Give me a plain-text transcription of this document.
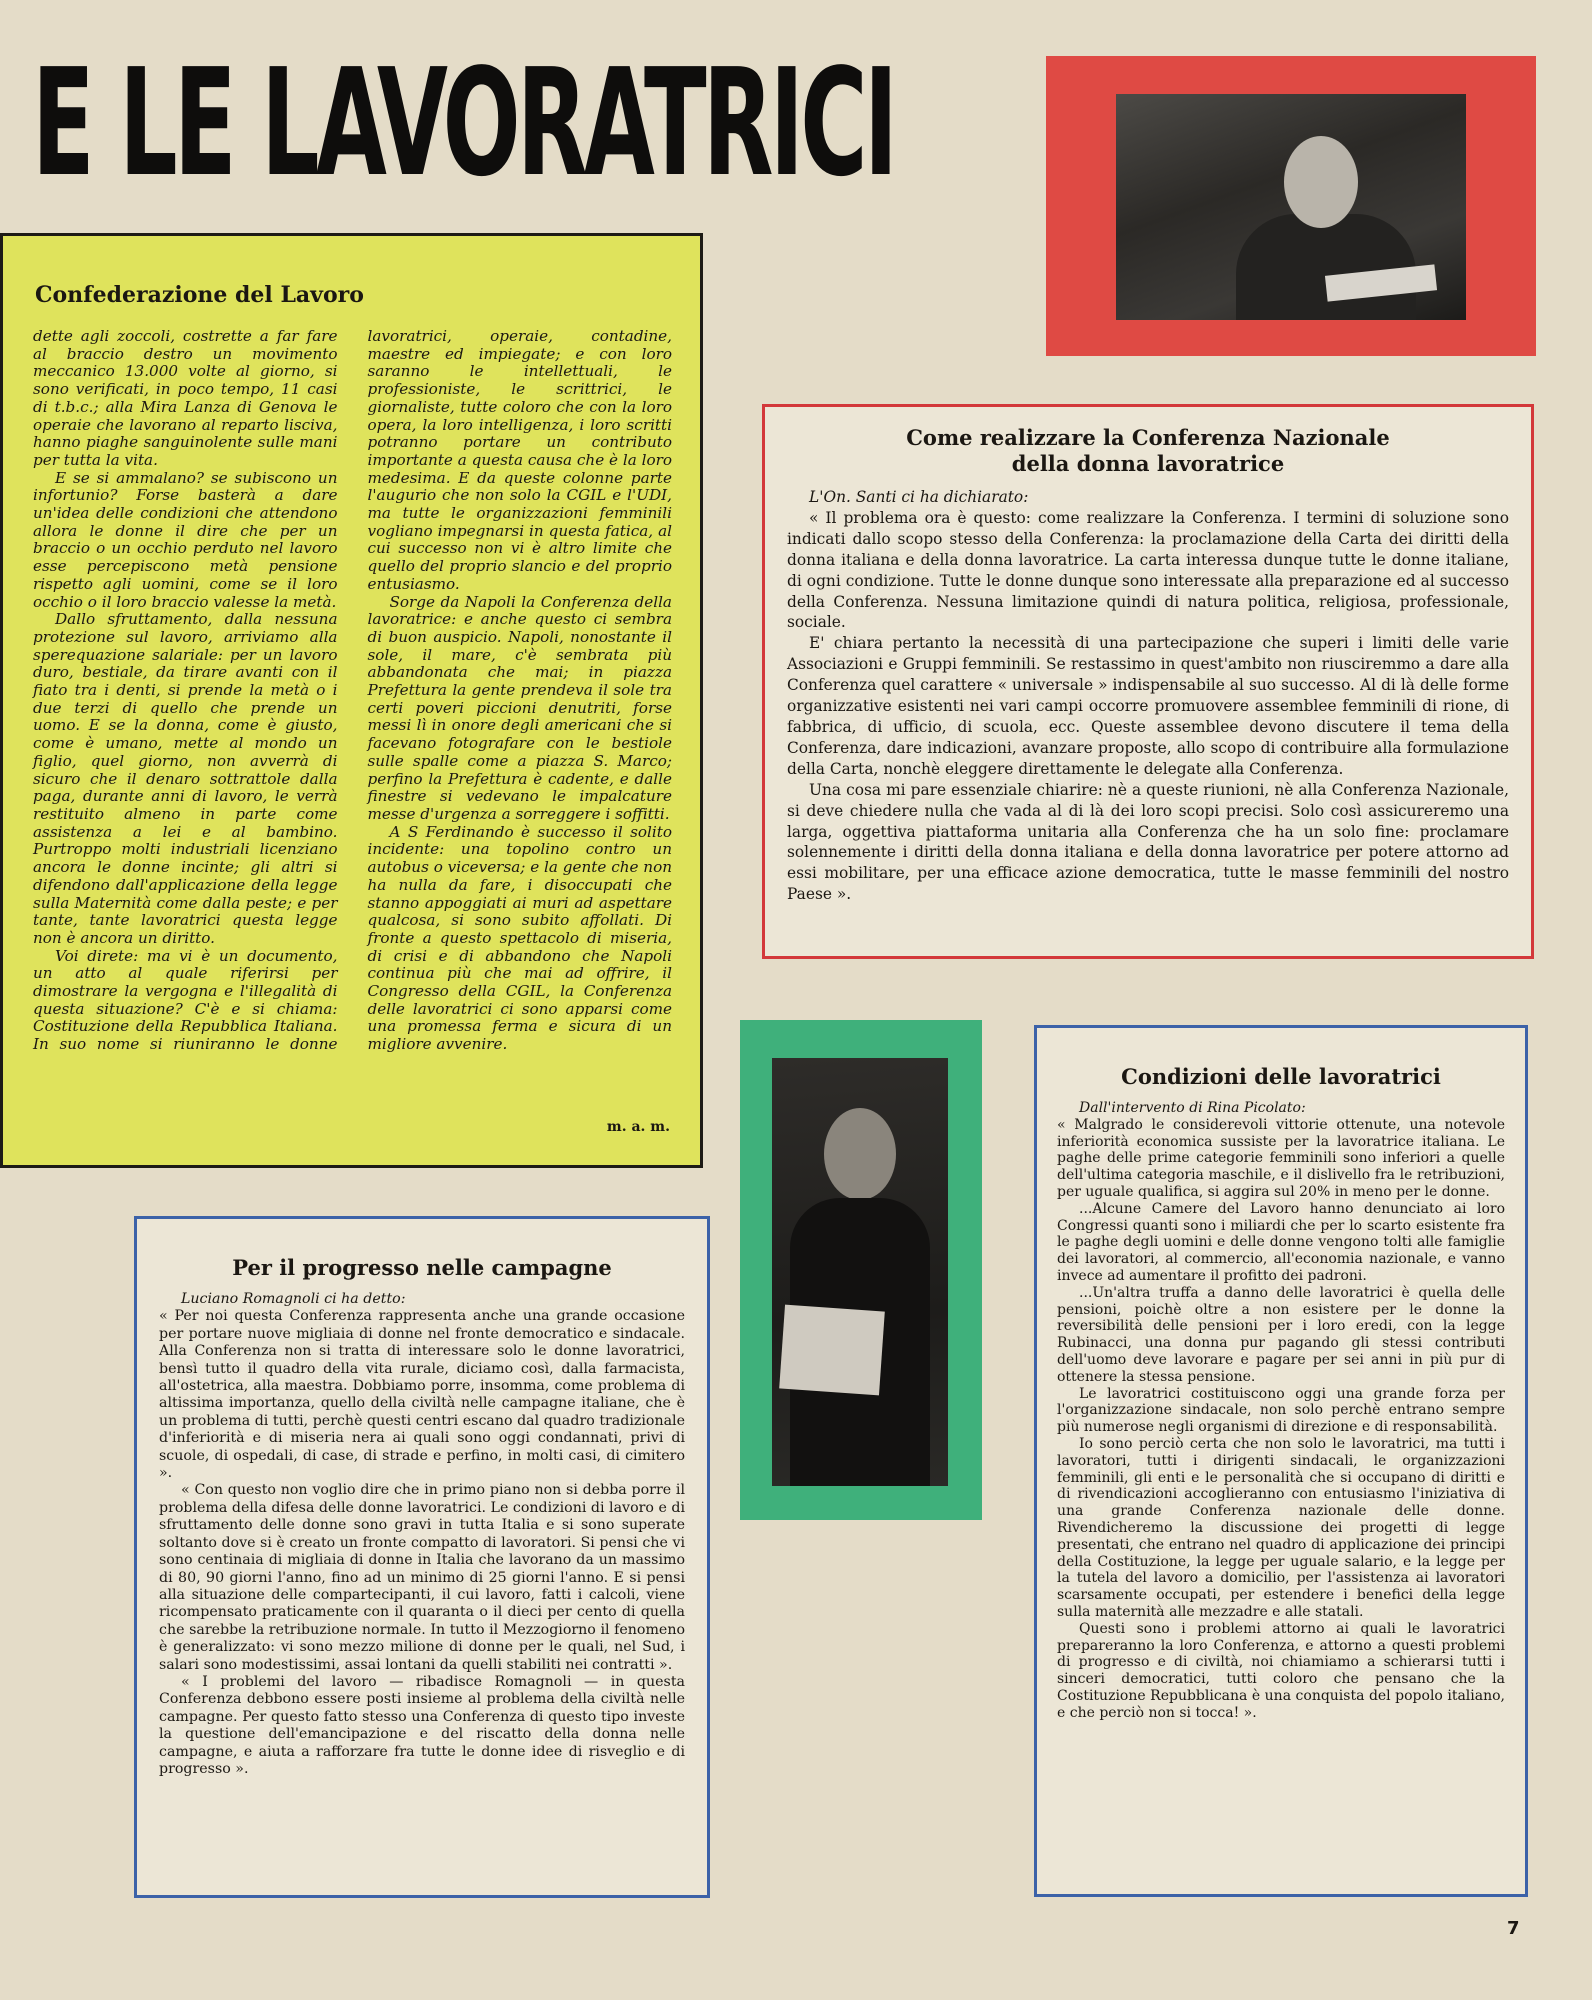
E LE LAVORATRICI
Confederazione del Lavoro

dette agli zoccoli, costrette a far fare al braccio destro un movimento meccanico 13.000 volte al giorno, si sono verificati, in poco tempo, 11 casi di t.b.c.; alla Mira Lanza di Genova le operaie che lavorano al reparto lisciva, hanno piaghe sanguinolente sulle mani per tutta la vita.

E se si ammalano? se subiscono un infortunio? Forse basterà a dare un'idea delle condizioni che attendono allora le donne il dire che per un braccio o un occhio perduto nel lavoro esse percepiscono metà pensione rispetto agli uomini, come se il loro occhio o il loro braccio valesse la metà.

Dallo sfruttamento, dalla nessuna protezione sul lavoro, arriviamo alla sperequazione salariale: per un lavoro duro, bestiale, da tirare avanti con il fiato tra i denti, si prende la metà o i due terzi di quello che prende un uomo. E se la donna, come è giusto, come è umano, mette al mondo un figlio, quel giorno, non avverrà di sicuro che il denaro sottrattole dalla paga, durante anni di lavoro, le verrà restituito almeno in parte come assistenza a lei e al bambino. Purtroppo molti industriali licenziano ancora le donne incinte; gli altri si difendono dall'applicazione della legge sulla Maternità come dalla peste; e per tante, tante lavoratrici questa legge non è ancora un diritto.

Voi direte: ma vi è un documento, un atto al quale riferirsi per dimostrare la vergogna e l'illegalità di questa situazione? C'è e si chiama: Costituzione della Repubblica Italiana. In suo nome si riuniranno le donne lavoratrici, operaie, contadine, maestre ed impiegate; e con loro saranno le intellettuali, le professioniste, le scrittrici, le giornaliste, tutte coloro che con la loro opera, la loro intelligenza, i loro scritti potranno portare un contributo importante a questa causa che è la loro medesima. E da queste colonne parte l'augurio che non solo la CGIL e l'UDI, ma tutte le organizzazioni femminili vogliano impegnarsi in questa fatica, al cui successo non vi è altro limite che quello del proprio slancio e del proprio entusiasmo.

Sorge da Napoli la Conferenza della lavoratrice: e anche questo ci sembra di buon auspicio. Napoli, nonostante il sole, il mare, c'è sembrata più abbandonata che mai; in piazza Prefettura la gente prendeva il sole tra certi poveri piccioni denutriti, forse messi lì in onore degli americani che si facevano fotografare con le bestiole sulle spalle come a piazza S. Marco; perfino la Prefettura è cadente, e dalle finestre si vedevano le impalcature messe d'urgenza a sorreggere i soffitti.

A S Ferdinando è successo il solito incidente: una topolino contro un autobus o viceversa; e la gente che non ha nulla da fare, i disoccupati che stanno appoggiati ai muri ad aspettare qualcosa, si sono subito affollati. Di fronte a questo spettacolo di miseria, di crisi e di abbandono che Napoli continua più che mai ad offrire, il Congresso della CGIL, la Conferenza delle lavoratrici ci sono apparsi come una promessa ferma e sicura di un migliore avvenire.

m. a. m.
Come realizzare la Conferenza Nazionale
della donna lavoratrice

L'On. Santi ci ha dichiarato:

« Il problema ora è questo: come realizzare la Conferenza. I termini di soluzione sono indicati dallo scopo stesso della Conferenza: la proclamazione della Carta dei diritti della donna italiana e della donna lavoratrice. La carta interessa dunque tutte le donne italiane, di ogni condizione. Tutte le donne dunque sono interessate alla preparazione ed al successo della Conferenza. Nessuna limitazione quindi di natura politica, religiosa, professionale, sociale.

E' chiara pertanto la necessità di una partecipazione che superi i limiti delle varie Associazioni e Gruppi femminili. Se restassimo in quest'ambito non riusciremmo a dare alla Conferenza quel carattere « universale » indispensabile al suo successo. Al di là delle forme organizzative esistenti nei vari campi occorre promuovere assemblee femminili di rione, di fabbrica, di ufficio, di scuola, ecc. Queste assemblee devono discutere il tema della Conferenza, dare indicazioni, avanzare proposte, allo scopo di contribuire alla formulazione della Carta, nonchè eleggere direttamente le delegate alla Conferenza.

Una cosa mi pare essenziale chiarire: nè a queste riunioni, nè alla Conferenza Nazionale, si deve chiedere nulla che vada al di là dei loro scopi precisi. Solo così assicureremo una larga, oggettiva piattaforma unitaria alla Conferenza che ha un solo fine: proclamare solennemente i diritti della donna italiana e della donna lavoratrice per potere attorno ad essi mobilitare, per una efficace azione democratica, tutte le masse femminili del nostro Paese ».

Condizioni delle lavoratrici

Dall'intervento di Rina Picolato:

« Malgrado le considerevoli vittorie ottenute, una notevole inferiorità economica sussiste per la lavoratrice italiana. Le paghe delle prime categorie femminili sono inferiori a quelle dell'ultima categoria maschile, e il dislivello fra le retribuzioni, per uguale qualifica, si aggira sul 20% in meno per le donne.

...Alcune Camere del Lavoro hanno denunciato ai loro Congressi quanti sono i miliardi che per lo scarto esistente fra le paghe degli uomini e delle donne vengono tolti alle famiglie dei lavoratori, al commercio, all'economia nazionale, e vanno invece ad aumentare il profitto dei padroni.

...Un'altra truffa a danno delle lavoratrici è quella delle pensioni, poichè oltre a non esistere per le donne la reversibilità delle pensioni per i loro eredi, con la legge Rubinacci, una donna pur pagando gli stessi contributi dell'uomo deve lavorare e pagare per sei anni in più pur di ottenere la stessa pensione.

Le lavoratrici costituiscono oggi una grande forza per l'organizzazione sindacale, non solo perchè entrano sempre più numerose negli organismi di direzione e di responsabilità.

Io sono perciò certa che non solo le lavoratrici, ma tutti i lavoratori, tutti i dirigenti sindacali, le organizzazioni femminili, gli enti e le personalità che si occupano di diritti e di rivendicazioni accoglieranno con entusiasmo l'iniziativa di una grande Conferenza nazionale delle donne. Rivendicheremo la discussione dei progetti di legge presentati, che entrano nel quadro di applicazione dei principi della Costituzione, la legge per uguale salario, e la legge per la tutela del lavoro a domicilio, per l'assistenza ai lavoratori scarsamente occupati, per estendere i benefici della legge sulla maternità alle mezzadre e alle statali.

Questi sono i problemi attorno ai quali le lavoratrici prepareranno la loro Conferenza, e attorno a questi problemi di progresso e di civiltà, noi chiamiamo a schierarsi tutti i sinceri democratici, tutti coloro che pensano che la Costituzione Repubblicana è una conquista del popolo italiano, e che perciò non si tocca! ».

Per il progresso nelle campagne

Luciano Romagnoli ci ha detto:

« Per noi questa Conferenza rappresenta anche una grande occasione per portare nuove migliaia di donne nel fronte democratico e sindacale. Alla Conferenza non si tratta di interessare solo le donne lavoratrici, bensì tutto il quadro della vita rurale, diciamo così, dalla farmacista, all'ostetrica, alla maestra. Dobbiamo porre, insomma, come problema di altissima importanza, quello della civiltà nelle campagne italiane, che è un problema di tutti, perchè questi centri escano dal quadro tradizionale d'inferiorità e di miseria nera ai quali sono oggi condannati, privi di scuole, di ospedali, di case, di strade e perfino, in molti casi, di cimitero ».

« Con questo non voglio dire che in primo piano non si debba porre il problema della difesa delle donne lavoratrici. Le condizioni di lavoro e di sfruttamento delle donne sono gravi in tutta Italia e si sono superate soltanto dove si è creato un fronte compatto di lavoratori. Si pensi che vi sono centinaia di migliaia di donne in Italia che lavorano da un massimo di 80, 90 giorni l'anno, fino ad un minimo di 25 giorni l'anno. E si pensi alla situazione delle compartecipanti, il cui lavoro, fatti i calcoli, viene ricompensato praticamente con il quaranta o il dieci per cento di quella che sarebbe la retribuzione normale. In tutto il Mezzogiorno il fenomeno è generalizzato: vi sono mezzo milione di donne per le quali, nel Sud, i salari sono modestissimi, assai lontani da quelli stabiliti nei contratti ».

« I problemi del lavoro — ribadisce Romagnoli — in questa Conferenza debbono essere posti insieme al problema della civiltà nelle campagne. Per questo fatto stesso una Conferenza di questo tipo investe la questione dell'emancipazione e del riscatto della donna nelle campagne, e aiuta a rafforzare fra tutte le donne idee di risveglio e di progresso ».

7
